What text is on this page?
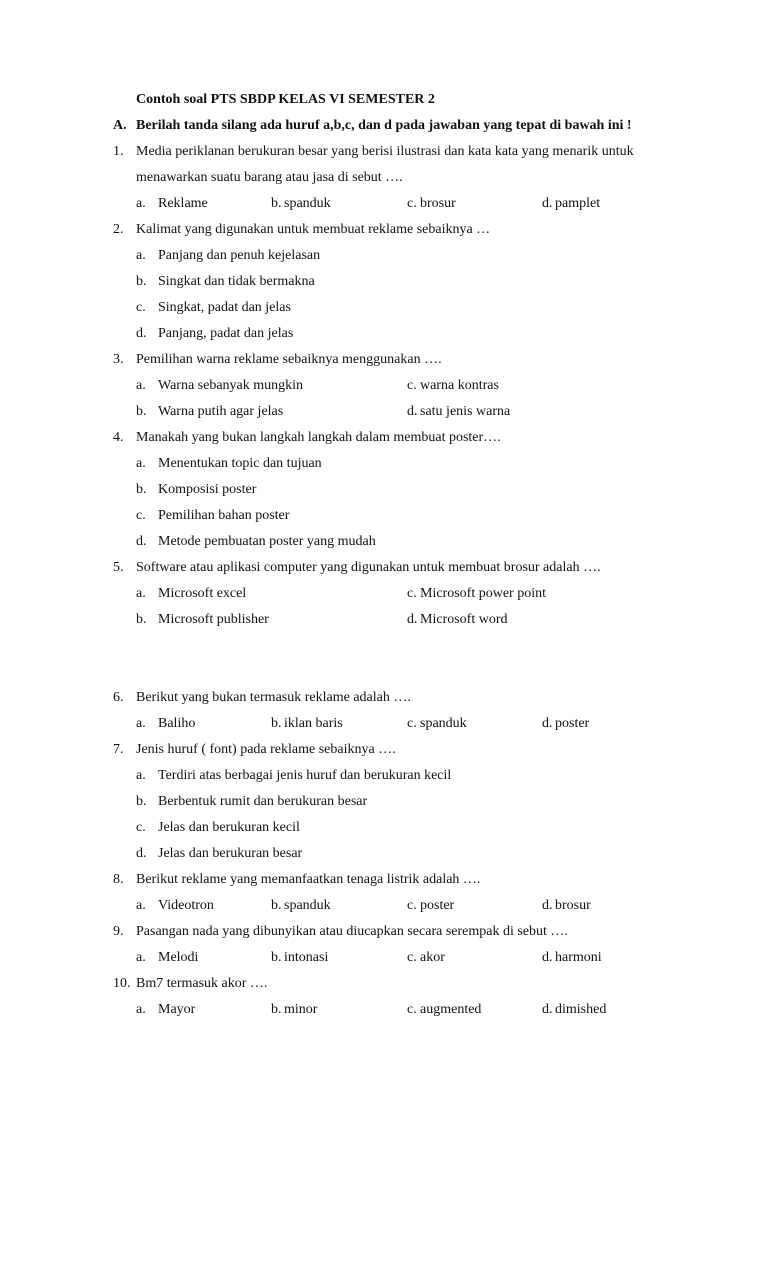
Contoh soal PTS SBDP KELAS VI SEMESTER 2
A. Berilah tanda silang ada huruf a,b,c, dan d pada jawaban yang tepat di bawah ini !
1. Media periklanan berukuran besar yang berisi ilustrasi dan kata kata yang menarik untuk
menawarkan suatu barang atau jasa di sebut ….
a. Reklame	b. spanduk	c. brosur	d. pamplet
2. Kalimat yang digunakan untuk membuat reklame sebaiknya …
a. Panjang dan penuh kejelasan
b. Singkat dan tidak bermakna
c. Singkat, padat dan jelas
d. Panjang, padat dan jelas
3. Pemilihan warna reklame sebaiknya menggunakan ….
a. Warna sebanyak mungkin
b. Warna putih agar jelas
c. warna kontras
d. satu jenis warna
4. Manakah yang bukan langkah langkah dalam membuat poster….
a. Menentukan topic dan tujuan
b. Komposisi poster
c. Pemilihan bahan poster
d. Metode pembuatan poster yang mudah
5. Software atau aplikasi computer yang digunakan untuk membuat brosur adalah ….
a. Microsoft excel
b. Microsoft publisher
c. Microsoft power point
d. Microsoft word
6. Berikut yang bukan termasuk reklame adalah ….
a. Baliho	b. iklan baris	c. spanduk	d. poster
7. Jenis huruf ( font) pada reklame sebaiknya ….
a. Terdiri atas berbagai jenis huruf dan berukuran kecil
b. Berbentuk rumit dan berukuran besar
c. Jelas dan berukuran kecil
d. Jelas dan berukuran besar
8. Berikut reklame yang memanfaatkan tenaga listrik adalah ….
a. Videotron	b. spanduk	c. poster	d. brosur
9. Pasangan nada yang dibunyikan atau diucapkan secara serempak di sebut ….
a. Melodi	b. intonasi	c. akor	d. harmoni
10. Bm7 termasuk akor ….
a. Mayor	b. minor	c. augmented	d. dimished
